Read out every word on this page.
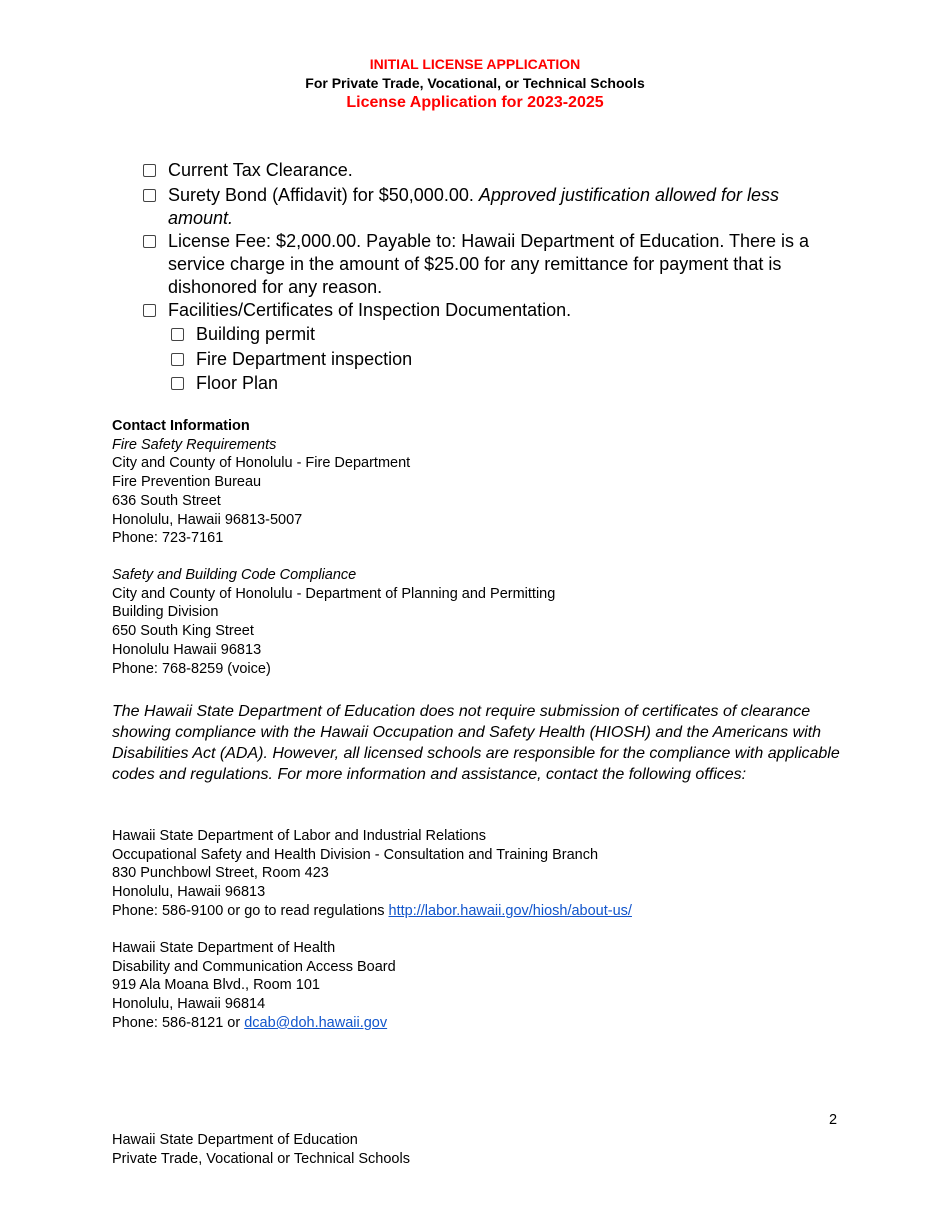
INITIAL LICENSE APPLICATION
For Private Trade, Vocational, or Technical Schools
License Application for 2023-2025
Current Tax Clearance.
Surety Bond (Affidavit) for $50,000.00. Approved justification allowed for less
amount.
License Fee: $2,000.00. Payable to: Hawaii Department of Education. There is a
service charge in the amount of $25.00 for any remittance for payment that is
dishonored for any reason.
Facilities/Certificates of Inspection Documentation.
Building permit
Fire Department inspection
Floor Plan
Contact Information
Fire Safety Requirements
City and County of Honolulu - Fire Department
Fire Prevention Bureau
636 South Street
Honolulu, Hawaii 96813-5007
Phone: 723-7161
Safety and Building Code Compliance
City and County of Honolulu - Department of Planning and Permitting
Building Division
650 South King Street
Honolulu Hawaii 96813
Phone: 768-8259 (voice)
The Hawaii State Department of Education does not require submission of certificates of clearance showing compliance with the Hawaii Occupation and Safety Health (HIOSH) and the Americans with Disabilities Act (ADA). However, all licensed schools are responsible for the compliance with applicable codes and regulations. For more information and assistance, contact the following offices:
Hawaii State Department of Labor and Industrial Relations
Occupational Safety and Health Division - Consultation and Training Branch
830 Punchbowl Street, Room 423
Honolulu, Hawaii 96813
Phone: 586-9100 or go to read regulations http://labor.hawaii.gov/hiosh/about-us/
Hawaii State Department of Health
Disability and Communication Access Board
919 Ala Moana Blvd., Room 101
Honolulu, Hawaii 96814
Phone: 586-8121 or dcab@doh.hawaii.gov
2
Hawaii State Department of Education
Private Trade, Vocational or Technical Schools
